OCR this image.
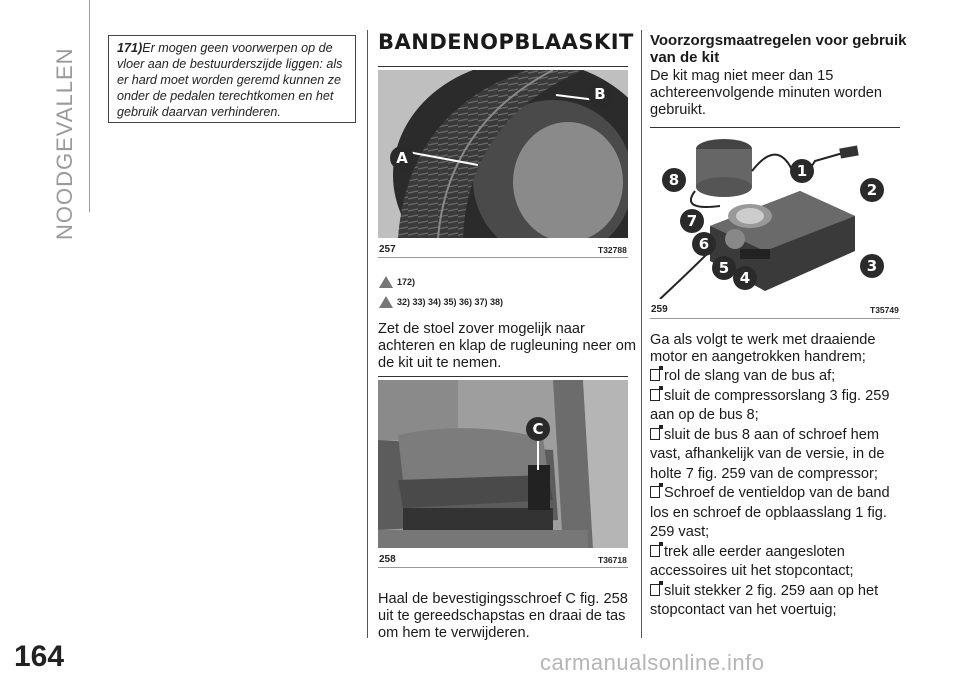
NOODGEVALLEN
164
171)Er mogen geen voorwerpen op de vloer aan de bestuurderszijde liggen: als er hard moet worden geremd kunnen ze onder de pedalen terechtkomen en het gebruik daarvan verhinderen.
BANDENOPBLAASKIT
A
B
257	T32788
172)
32) 33) 34) 35) 36) 37) 38)
Zet de stoel zover mogelijk naar achteren en klap de rugleuning neer om de kit uit te nemen.
C
258	T36718
Haal de bevestigingsschroef C fig. 258 uit te gereedschapstas en draai de tas om hem te verwijderen.
Voorzorgsmaatregelen voor gebruik van de kit
De kit mag niet meer dan 15 achtereenvolgende minuten worden gebruikt.
1
2
3
4
5
6
7
8
259	T35749
Ga als volgt te werk met draaiende motor en aangetrokken handrem;
rol de slang van de bus af;
sluit de compressorslang 3 fig. 259 aan op de bus 8;
sluit de bus 8 aan of schroef hem vast, afhankelijk van de versie, in de holte 7 fig. 259 van de compressor;
Schroef de ventieldop van de band los en schroef de opblaasslang 1 fig. 259 vast;
trek alle eerder aangesloten accessoires uit het stopcontact;
sluit stekker 2 fig. 259 aan op het stopcontact van het voertuig;
carmanualsonline.info
